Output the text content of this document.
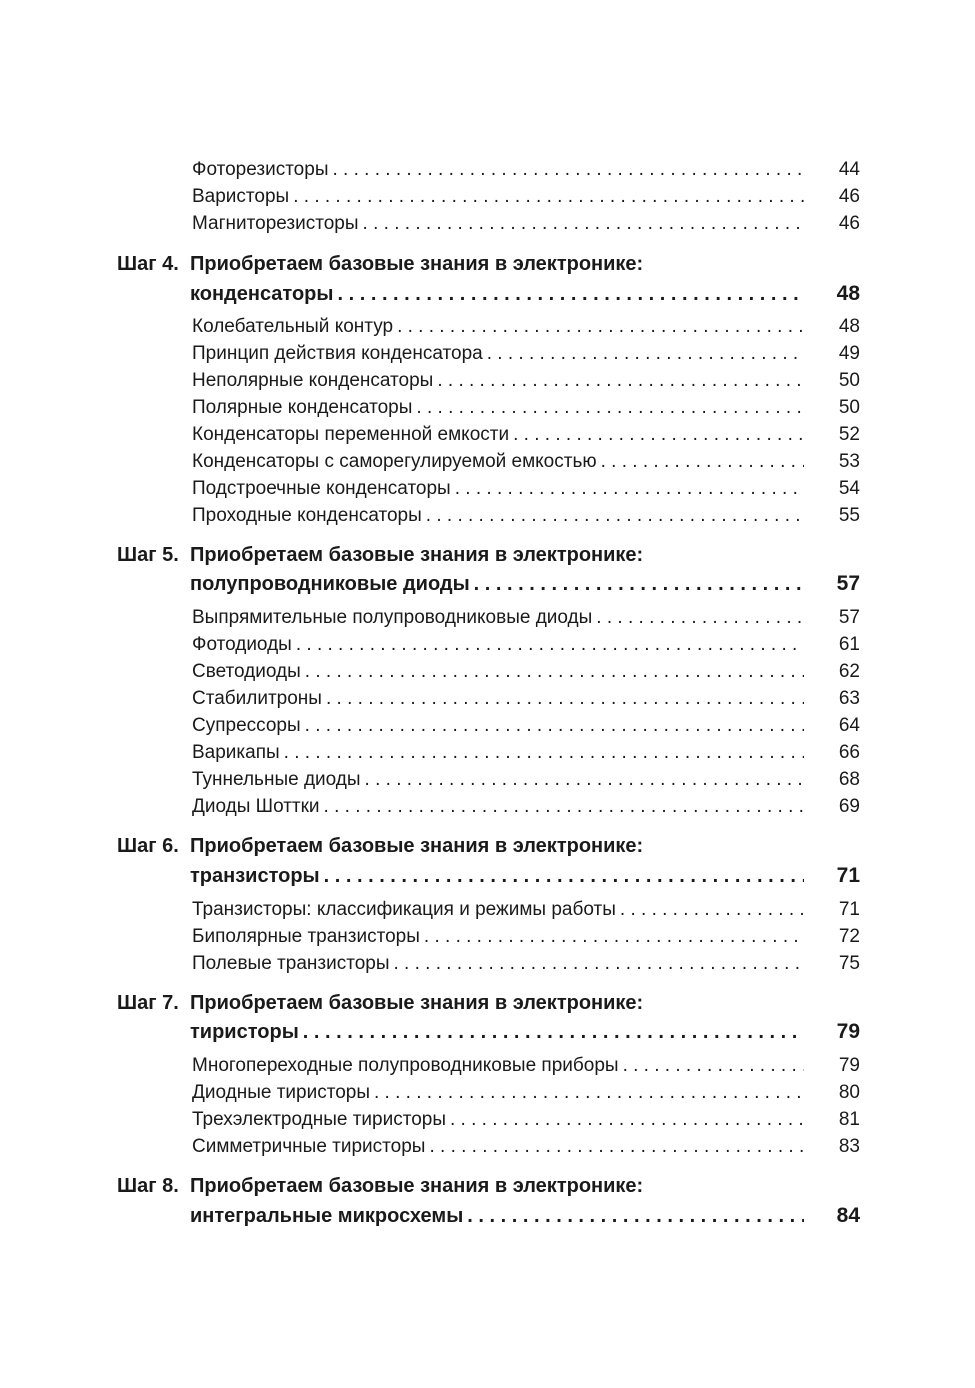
Фоторезисторы . . .	44
Варисторы . . .	46
Магниторезисторы . . .	46
Шаг 4. Приобретаем базовые знания в электронике:
конденсаторы . . .	48
Колебательный контур . . .	48
Принцип действия конденсатора . . .	49
Неполярные конденсаторы . . .	50
Полярные конденсаторы . . .	50
Конденсаторы переменной емкости . . .	52
Конденсаторы с саморегулируемой емкостью . . .	53
Подстроечные конденсаторы . . .	54
Проходные конденсаторы . . .	55
Шаг 5. Приобретаем базовые знания в электронике:
полупроводниковые диоды . . .	57
Выпрямительные полупроводниковые диоды . . .	57
Фотодиоды . . .	61
Светодиоды . . .	62
Стабилитроны . . .	63
Супрессоры . . .	64
Варикапы . . .	66
Туннельные диоды . . .	68
Диоды Шоттки . . .	69
Шаг 6. Приобретаем базовые знания в электронике:
транзисторы . . .	71
Транзисторы: классификация и режимы работы . . .	71
Биполярные транзисторы . . .	72
Полевые транзисторы . . .	75
Шаг 7. Приобретаем базовые знания в электронике:
тиристоры . . .	79
Многопереходные полупроводниковые приборы . . .	79
Диодные тиристоры . . .	80
Трехэлектродные тиристоры . . .	81
Симметричные тиристоры . . .	83
Шаг 8. Приобретаем базовые знания в электронике:
интегральные микросхемы . . .	84
